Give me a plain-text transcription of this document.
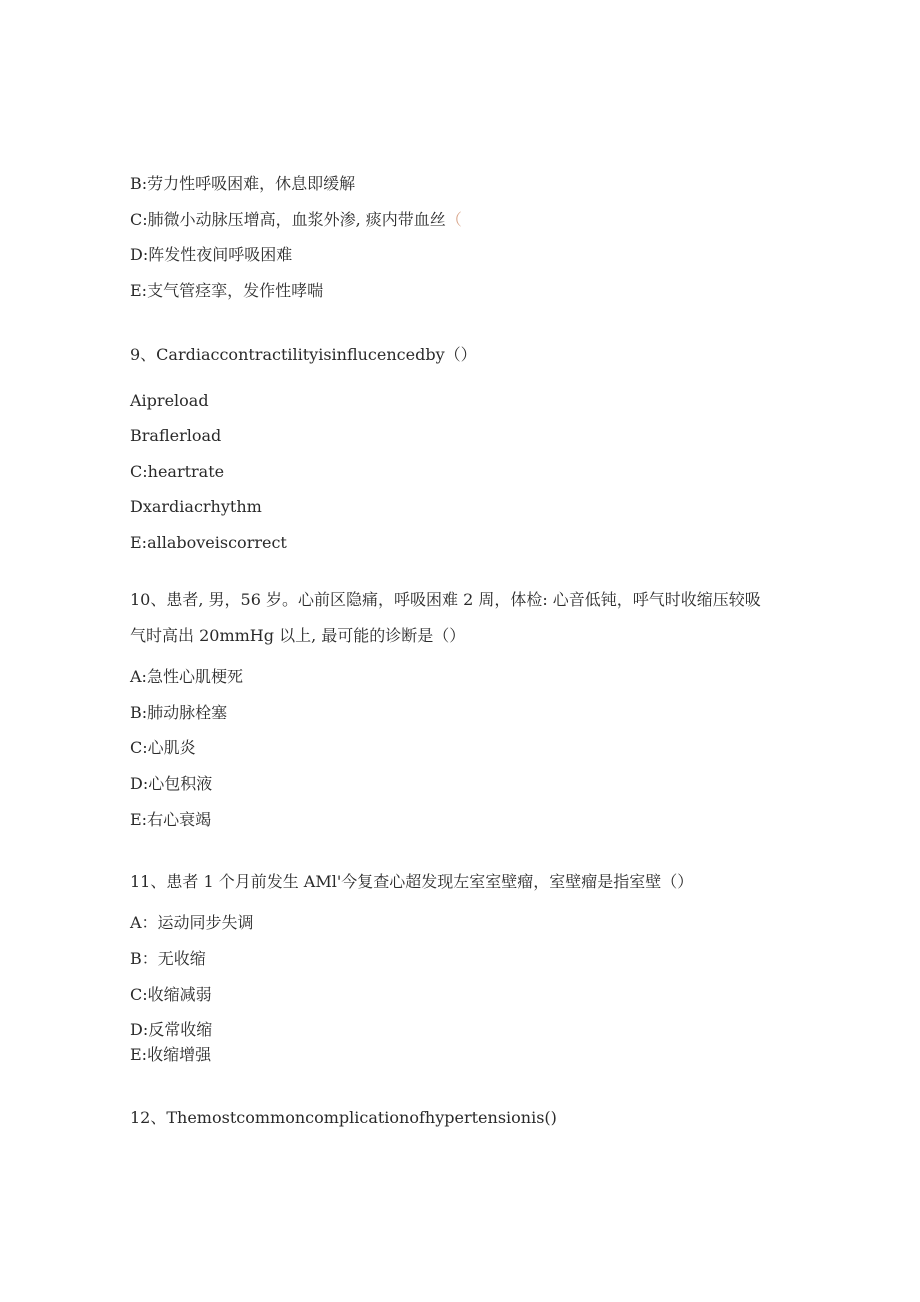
B:劳力性呼吸困难，休息即缓解
C:肺微小动脉压增高，血浆外渗, 痰内带血丝（
D:阵发性夜间呼吸困难
E:支气管痉挛，发作性哮喘
9、Cardiaccontractilityisinflucencedby（）
Aipreload
Braflerload
C:heartrate
Dxardiacrhythm
E:allaboveiscorrect
10、患者, 男，56 岁。心前区隐痛，呼吸困难 2 周，体检: 心音低钝，呼气时收缩压较吸
气时高出 20mmHg 以上, 最可能的诊断是（）
A:急性心肌梗死
B:肺动脉栓塞
C:心肌炎
D:心包积液
E:右心衰竭
11、患者 1 个月前发生 AMl'今复查心超发现左室室壁瘤，室壁瘤是指室壁（）
A：运动同步失调
B：无收缩
C:收缩减弱
D:反常收缩
E:收缩增强
12、Themostcommoncomplicationofhypertensionis()
